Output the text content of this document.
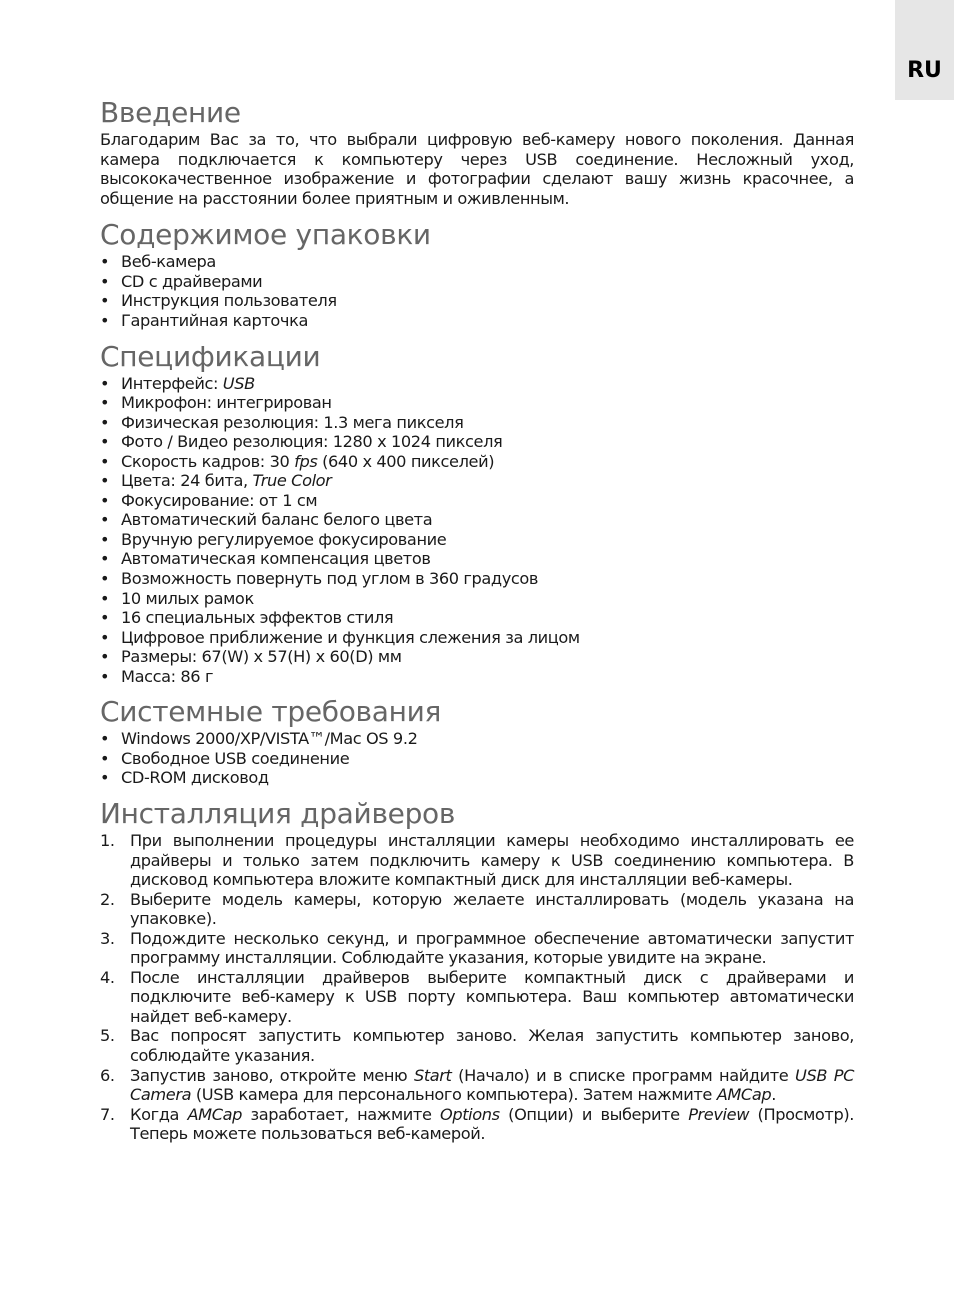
RU
Введение

Благодарим Вас за то, что выбрали цифровую веб-камеру нового поколения. Данная камера подключается к компьютеру через USB соединение. Несложный уход, высококачественное изображение и фотографии сделают вашу жизнь красочнее, а общение на расстоянии более приятным и оживленным.

Содержимое упаковки
• Веб-камера
• CD с драйверами
• Инструкция пользователя
• Гарантийная карточка
Спецификации
• Интерфейс: USB
• Микрофон: интегрирован
• Физическая резолюция: 1.3 мега пикселя
• Фото / Видео резолюция: 1280 x 1024 пикселя
• Скорость кадров: 30 fps (640 x 400 пикселей)
• Цвета: 24 бита, True Color
• Фокусирование: от 1 см
• Автоматический баланс белого цвета
• Вручную регулируемое фокусирование
• Автоматическая компенсация цветов
• Возможность повернуть под углом в 360 градусов
• 10 милых рамок
• 16 специальных эффектов стиля
• Цифровое приближение и функция слежения за лицом
• Размеры: 67(W) x 57(H) x 60(D) мм
• Масса: 86 г
Системные требования
• Windows 2000/XP/VISTA™/Mac OS 9.2
• Свободное USB соединение
• CD-ROM дисковод
Инсталляция драйверов
1. При выполнении процедуры инсталляции камеры необходимо инсталлировать ее драйверы и только затем подключить камеру к USB соединению компьютера. В дисковод компьютера вложите компактный диск для инсталляции веб-камеры.
2. Выберите модель камеры, которую желаете инсталлировать (модель указана на упаковке).
3. Подождите несколько секунд, и программное обеспечение автоматически запустит программу инсталляции. Соблюдайте указания, которые увидите на экране.
4. После инсталляции драйверов выберите компактный диск с драйверами и подключите веб-камеру к USB порту компьютера. Ваш компьютер автоматически найдет веб-камеру.
5. Вас попросят запустить компьютер заново. Желая запустить компьютер заново, соблюдайте указания.
6. Запустив заново, откройте меню Start (Начало) и в списке программ найдите USB PC Camera (USB камера для персонального компьютера). Затем нажмите AMCap.
7. Когда AMCap заработает, нажмите Options (Опции) и выберите Preview (Просмотр). Теперь можете пользоваться веб-камерой.
